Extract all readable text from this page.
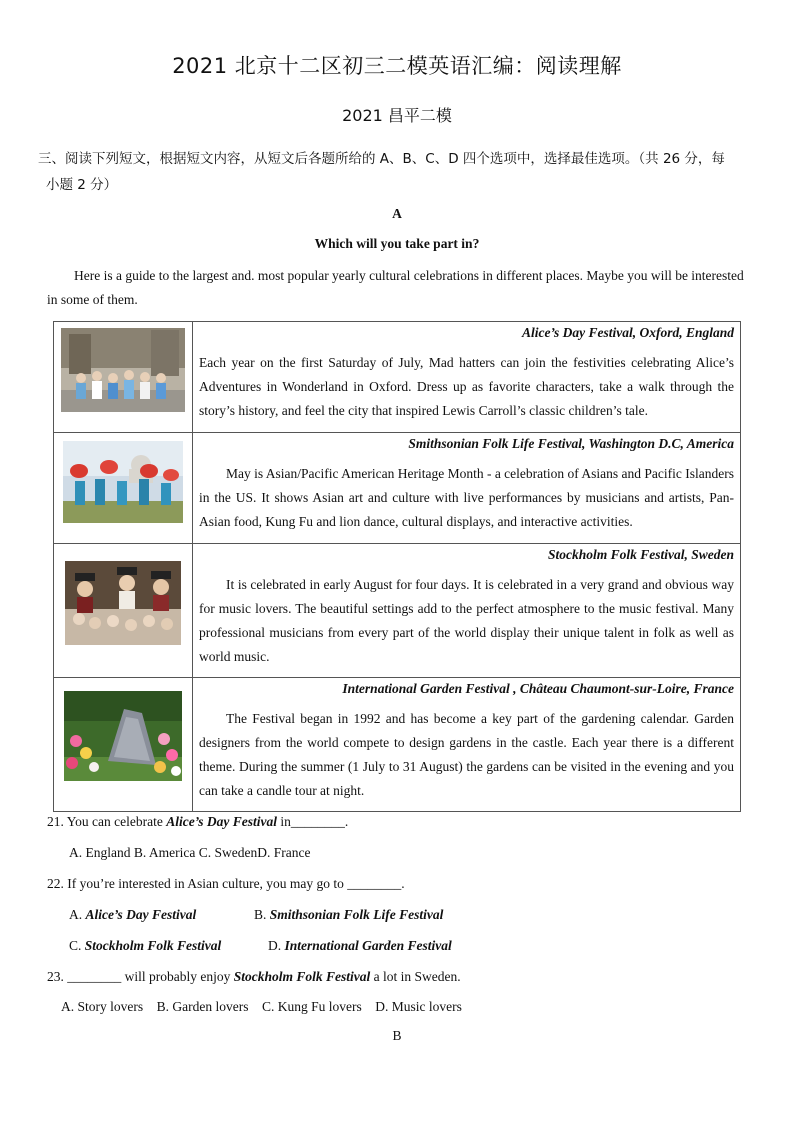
2021 北京十二区初三二模英语汇编：阅读理解
2021 昌平二模
三、阅读下列短文，根据短文内容，从短文后各题所给的 A、B、C、D 四个选项中，选择最佳选项。（共 26 分，每
小题 2 分）
A
Which will you take part in?
Here is a guide to the largest and. most popular yearly cultural celebrations in different places. Maybe you will be interested in some of them.

Alice’s Day Festival, Oxford, England
Each year on the first Saturday of July, Mad hatters can join the festivities celebrating Alice’s Adventures in Wonderland in Oxford. Dress up as favorite characters, take a walk through the story’s history, and feel the city that inspired Lewis Carroll’s classic children’s tale.

Smithsonian Folk Life Festival, Washington D.C, America
May is Asian/Pacific American Heritage Month - a celebration of Asians and Pacific Islanders in the US. It shows Asian art and culture with live performances by musicians and artists, Pan-Asian food, Kung Fu and lion dance, cultural displays, and interactive activities.

Stockholm Folk Festival, Sweden
It is celebrated in early August for four days. It is celebrated in a very grand and obvious way for music lovers. The beautiful settings add to the perfect atmosphere to the music festival. Many professional musicians from every part of the world display their unique talent in folk as well as world music.

International Garden Festival , Château Chaumont-sur-Loire, France
The Festival began in 1992 and has become a key part of the gardening calendar. Garden designers from the world compete to design gardens in the castle. Each year there is a different theme. During the summer (1 July to 31 August) the gardens can be visited in the evening and you can take a candle tour at night.
21. You can celebrate Alice’s Day Festival in________.
A. England B. America C. SwedenD. France
22. If you’re interested in Asian culture, you may go to ________.
A. Alice’s Day Festival	B. Smithsonian Folk Life Festival
C. Stockholm Folk Festival	D. International Garden Festival
23. ________ will probably enjoy Stockholm Folk Festival a lot in Sweden.
A. Story lovers    B. Garden lovers    C. Kung Fu lovers    D. Music lovers
B
